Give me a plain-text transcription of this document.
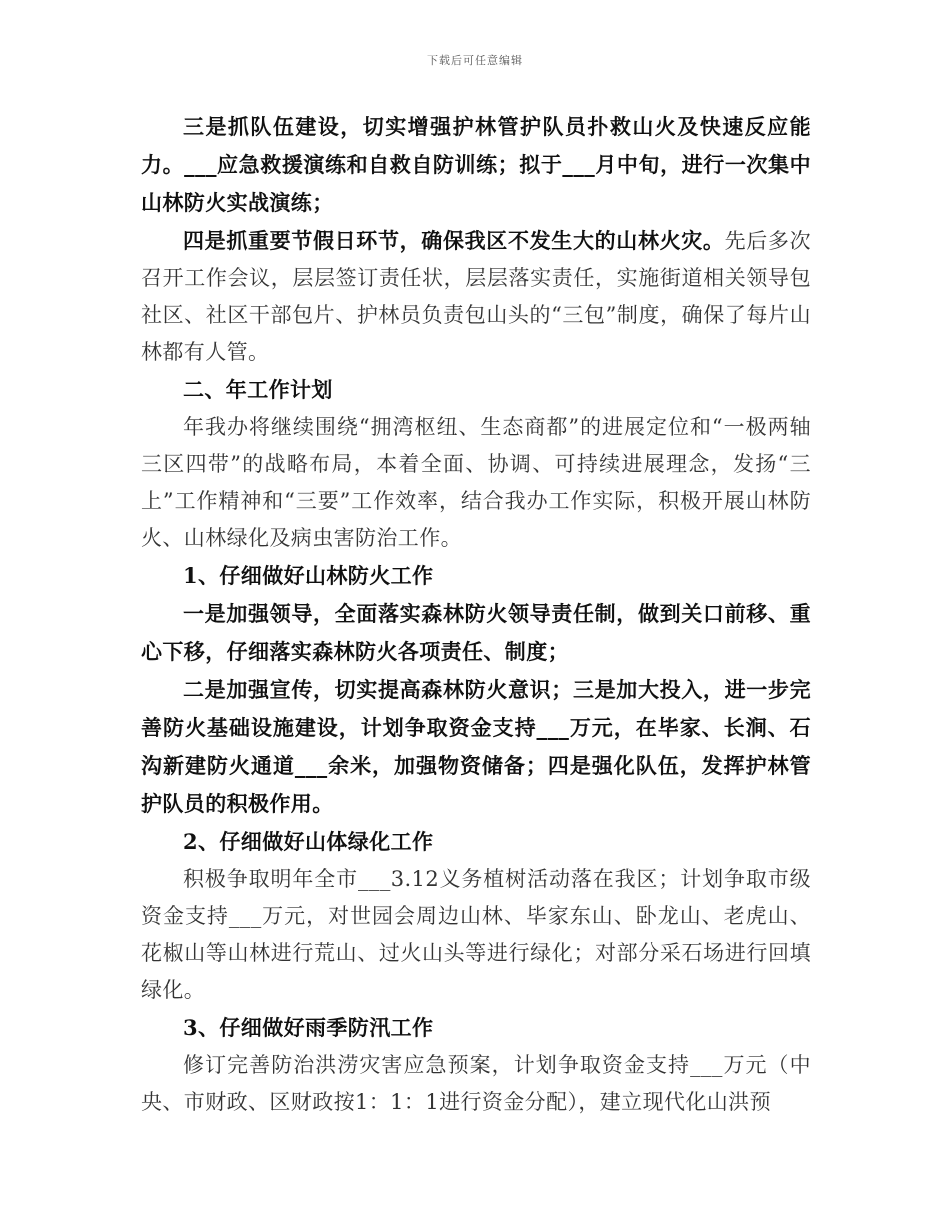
下载后可任意编辑

三是抓队伍建设，切实增强护林管护队员扑救山火及快速反应能力。___应急救援演练和自救自防训练；拟于___月中旬，进行一次集中山林防火实战演练；

四是抓重要节假日环节，确保我区不发生大的山林火灾。先后多次召开工作会议，层层签订责任状，层层落实责任，实施街道相关领导包社区、社区干部包片、护林员负责包山头的“三包”制度，确保了每片山林都有人管。

二、年工作计划

年我办将继续围绕“拥湾枢纽、生态商都”的进展定位和“一极两轴三区四带”的战略布局，本着全面、协调、可持续进展理念，发扬“三上”工作精神和“三要”工作效率，结合我办工作实际，积极开展山林防火、山林绿化及病虫害防治工作。

1、仔细做好山林防火工作

一是加强领导，全面落实森林防火领导责任制，做到关口前移、重心下移，仔细落实森林防火各项责任、制度；

二是加强宣传，切实提高森林防火意识；三是加大投入，进一步完善防火基础设施建设，计划争取资金支持___万元，在毕家、长涧、石沟新建防火通道___余米，加强物资储备；四是强化队伍，发挥护林管护队员的积极作用。

2、仔细做好山体绿化工作

积极争取明年全市___3.12义务植树活动落在我区；计划争取市级资金支持___万元，对世园会周边山林、毕家东山、卧龙山、老虎山、花椒山等山林进行荒山、过火山头等进行绿化；对部分采石场进行回填绿化。

3、仔细做好雨季防汛工作

修订完善防治洪涝灾害应急预案，计划争取资金支持___万元（中央、市财政、区财政按1：1：1进行资金分配），建立现代化山洪预
